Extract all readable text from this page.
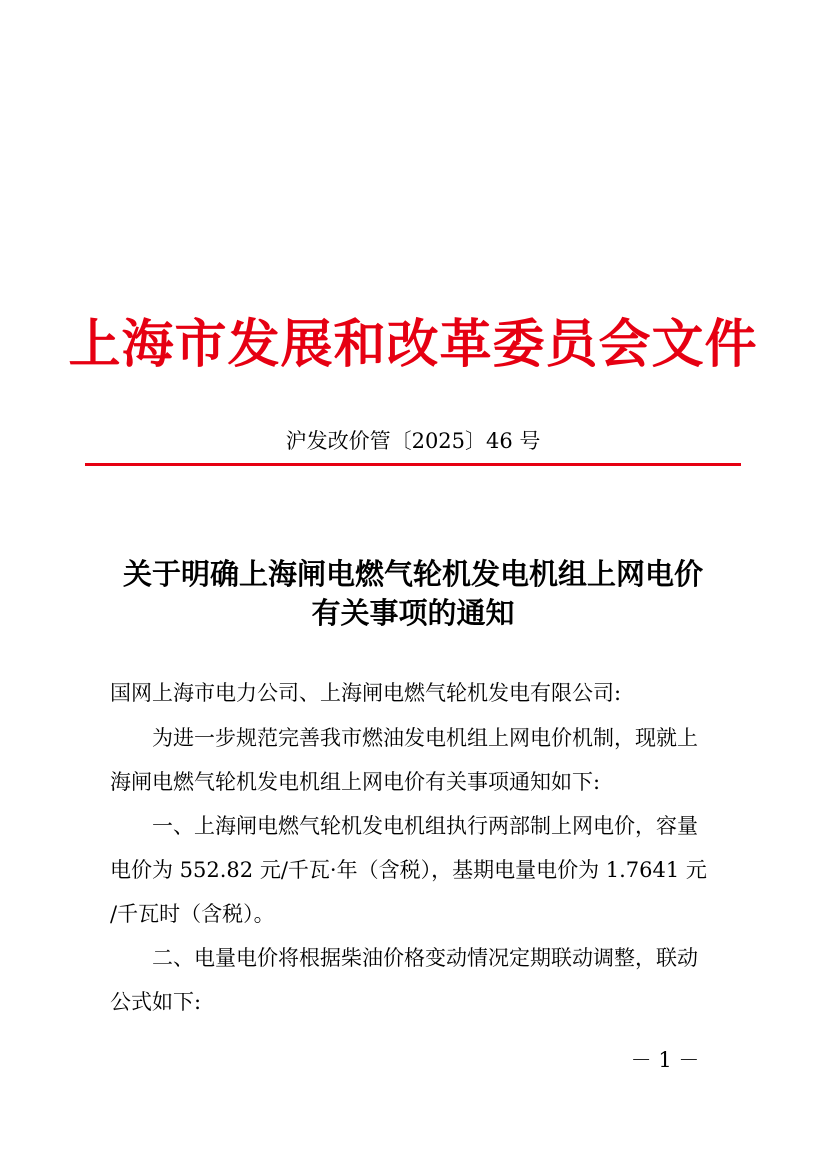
上海市发展和改革委员会文件
沪发改价管〔2025〕46 号
关于明确上海闸电燃气轮机发电机组上网电价
有关事项的通知
国网上海市电力公司、上海闸电燃气轮机发电有限公司:
　　为进一步规范完善我市燃油发电机组上网电价机制，现就上
海闸电燃气轮机发电机组上网电价有关事项通知如下:
　　一、上海闸电燃气轮机发电机组执行两部制上网电价，容量
电价为 552.82 元/千瓦·年（含税），基期电量电价为 1.7641 元
/千瓦时（含税）。
　　二、电量电价将根据柴油价格变动情况定期联动调整，联动
公式如下:
－ 1 －
